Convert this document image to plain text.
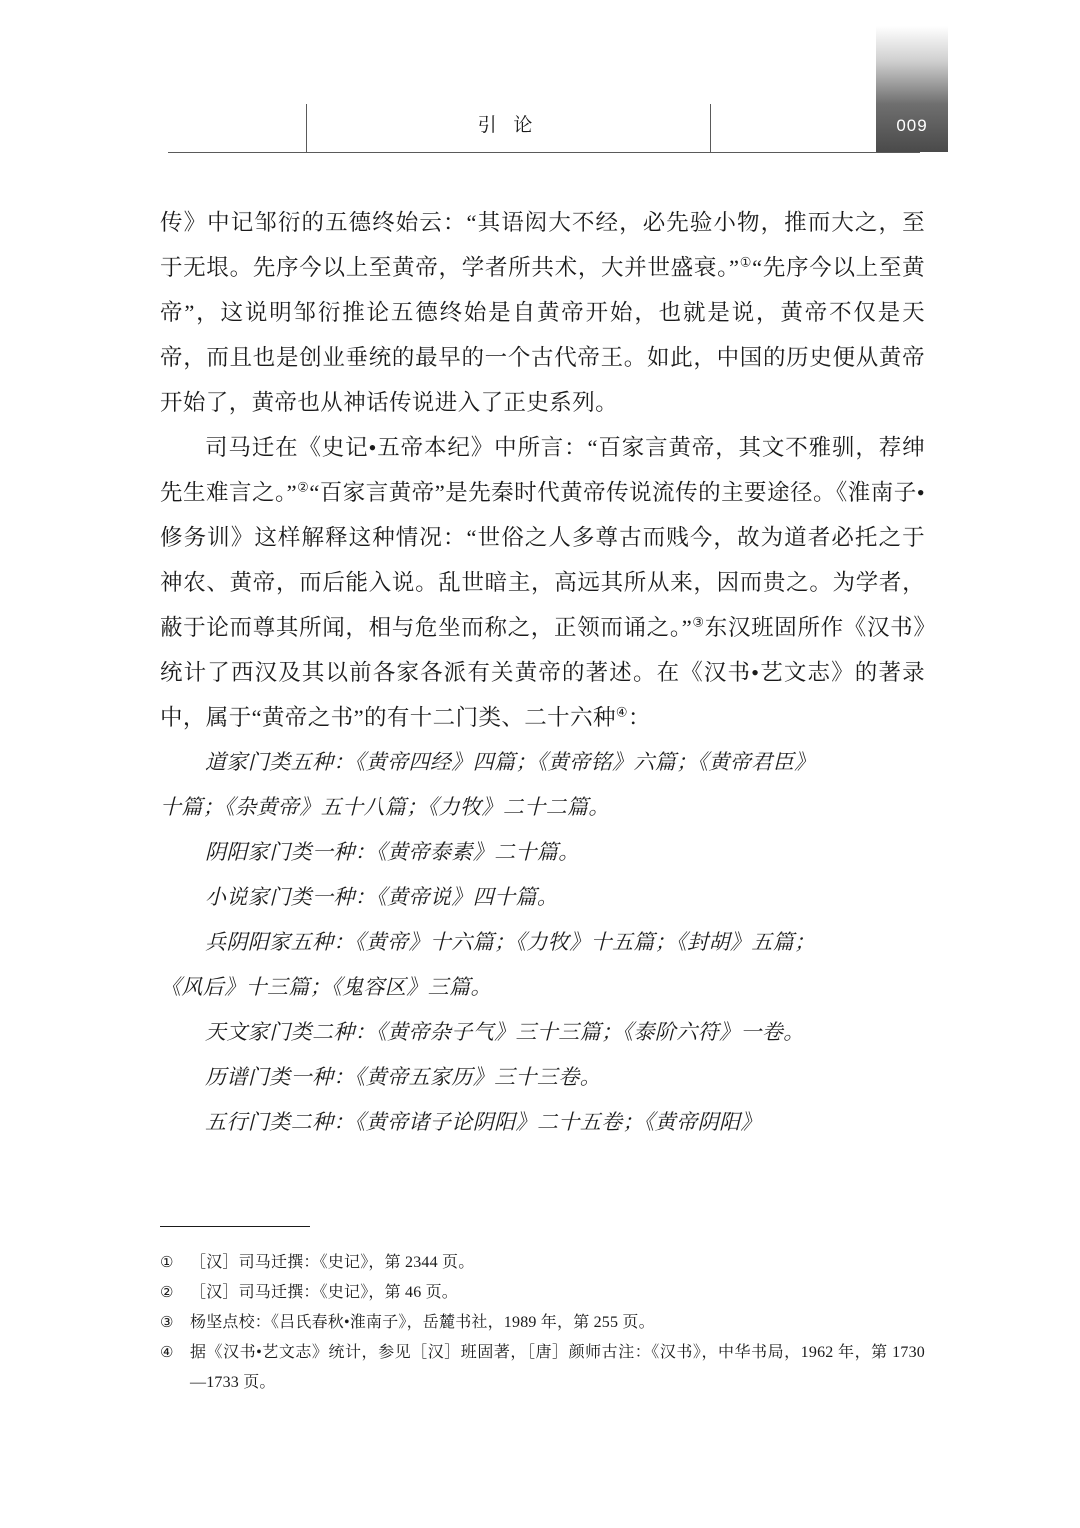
引 论	009

传》中记邹衍的五德终始云：“其语闳大不经，必先验小物，推而大之，至于无垠。先序今以上至黄帝，学者所共术，大并世盛衰。”①“先序今以上至黄帝”，这说明邹衍推论五德终始是自黄帝开始，也就是说，黄帝不仅是天帝，而且也是创业垂统的最早的一个古代帝王。如此，中国的历史便从黄帝开始了，黄帝也从神话传说进入了正史系列。

司马迁在《史记•五帝本纪》中所言：“百家言黄帝，其文不雅驯，荐绅先生难言之。”②“百家言黄帝”是先秦时代黄帝传说流传的主要途径。《淮南子•修务训》这样解释这种情况：“世俗之人多尊古而贱今，故为道者必托之于神农、黄帝，而后能入说。乱世暗主，高远其所从来，因而贵之。为学者，蔽于论而尊其所闻，相与危坐而称之，正领而诵之。”③东汉班固所作《汉书》统计了西汉及其以前各家各派有关黄帝的著述。在《汉书•艺文志》的著录中，属于“黄帝之书”的有十二门类、二十六种④：

道家门类五种：《黄帝四经》四篇；《黄帝铭》六篇；《黄帝君臣》

十篇；《杂黄帝》五十八篇；《力牧》二十二篇。

阴阳家门类一种：《黄帝泰素》二十篇。

小说家门类一种：《黄帝说》四十篇。

兵阴阳家五种：《黄帝》十六篇；《力牧》十五篇；《封胡》五篇；

《风后》十三篇；《鬼容区》三篇。

天文家门类二种：《黄帝杂子气》三十三篇；《泰阶六符》一卷。

历谱门类一种：《黄帝五家历》三十三卷。

五行门类二种：《黄帝诸子论阴阳》二十五卷；《黄帝阴阳》

①	［汉］司马迁撰：《史记》，第 2344 页。
②	［汉］司马迁撰：《史记》，第 46 页。
③	杨坚点校：《吕氏春秋•淮南子》，岳麓书社，1989 年，第 255 页。
④	据《汉书•艺文志》统计，参见［汉］班固著，［唐］颜师古注：《汉书》，中华书局，1962 年，第 1730—1733 页。
